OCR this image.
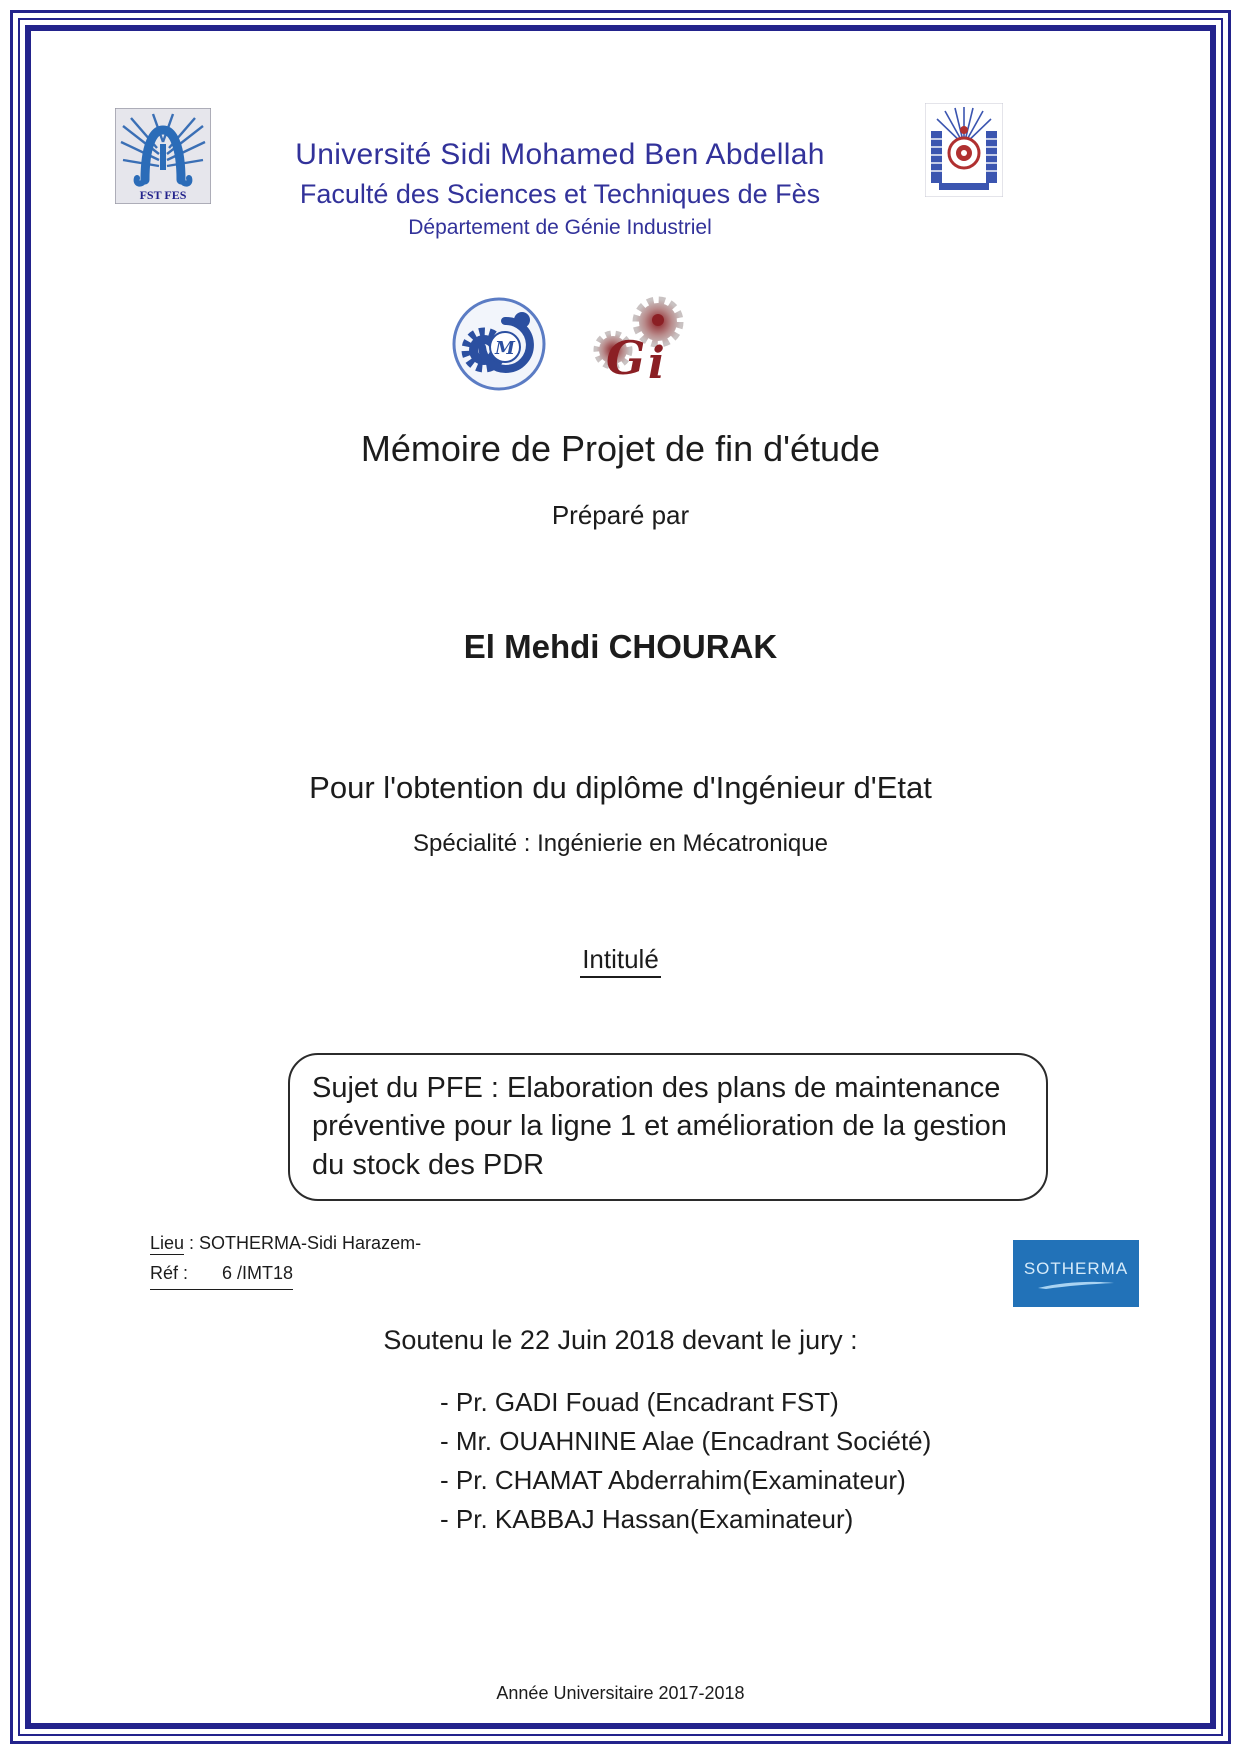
FST FES
Université Sidi Mohamed Ben Abdellah
Faculté des Sciences et Techniques de Fès
Département de Génie Industriel
M G i
Mémoire de Projet de fin d'étude
Préparé par
El Mehdi CHOURAK
Pour l'obtention du diplôme d'Ingénieur d'Etat
Spécialité : Ingénierie en Mécatronique
Intitulé
Sujet du PFE : Elaboration des plans de maintenance préventive pour la ligne 1 et amélioration de la gestion du stock des PDR
Lieu : SOTHERMA-Sidi Harazem-
Réf : 6 /IMT18	SOTHERMA
Soutenu le 22 Juin 2018 devant le jury :
- Pr. GADI Fouad (Encadrant FST)
- Mr. OUAHNINE Alae (Encadrant Société)
- Pr. CHAMAT Abderrahim(Examinateur)
- Pr. KABBAJ Hassan(Examinateur)
Année Universitaire 2017-2018
